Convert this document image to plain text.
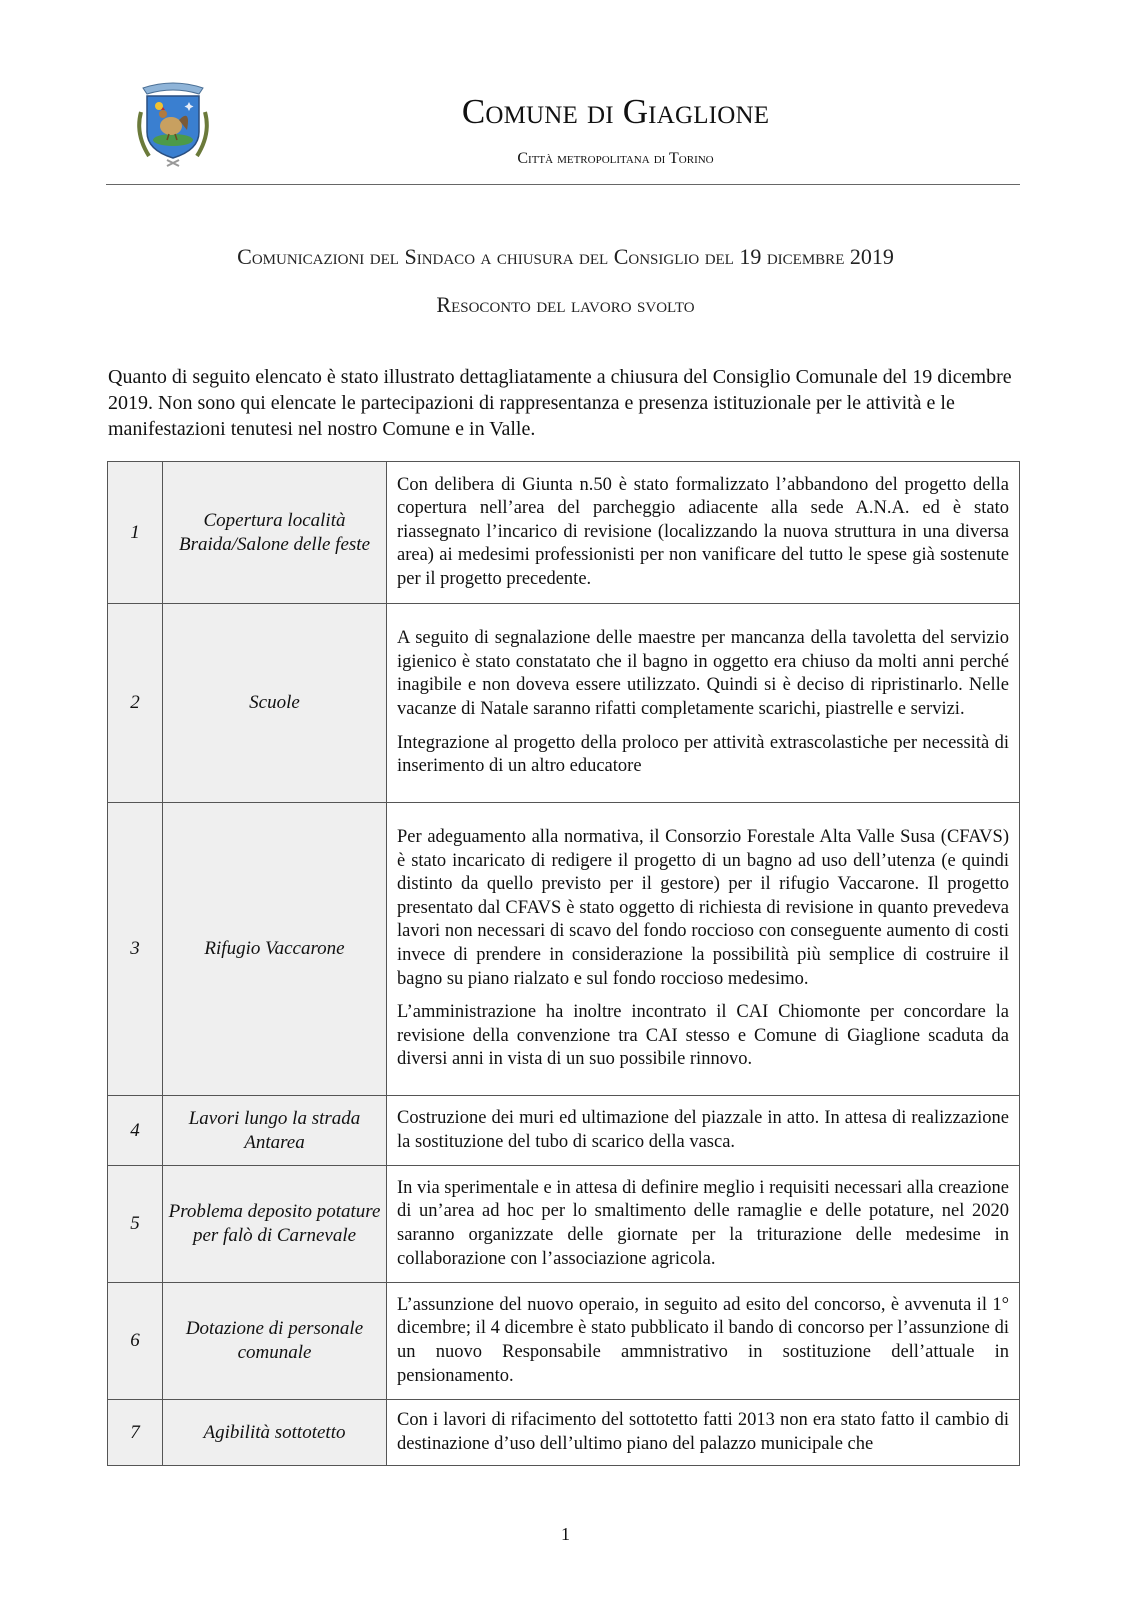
Comune di Giaglione
Città metropolitana di Torino
Comunicazioni del Sindaco a chiusura del Consiglio del 19 dicembre 2019
Resoconto del lavoro svolto
Quanto di seguito elencato è stato illustrato dettagliatamente a chiusura del Consiglio Comunale del 19 dicembre 2019. Non sono qui elencate le partecipazioni di rappresentanza e presenza istituzionale per le attività e le manifestazioni tenutesi nel nostro Comune e in Valle.
1	Copertura località Braida/Salone delle feste	Con delibera di Giunta n.50 è stato formalizzato l’abbandono del progetto della copertura nell’area del parcheggio adiacente alla sede A.N.A. ed è stato riassegnato l’incarico di revisione (localizzando la nuova struttura in una diversa area) ai medesimi professionisti per non vanificare del tutto le spese già sostenute per il progetto precedente.

2	Scuole	A seguito di segnalazione delle maestre per mancanza della tavoletta del servizio igienico è stato constatato che il bagno in oggetto era chiuso da molti anni perché inagibile e non doveva essere utilizzato. Quindi si è deciso di ripristinarlo. Nelle vacanze di Natale saranno rifatti completamente scarichi, piastrelle e servizi.

Integrazione al progetto della proloco per attività extrascolastiche per necessità di inserimento di un altro educatore

3	Rifugio Vaccarone	Per adeguamento alla normativa, il Consorzio Forestale Alta Valle Susa (CFAVS) è stato incaricato di redigere il progetto di un bagno ad uso dell’utenza (e quindi distinto da quello previsto per il gestore) per il rifugio Vaccarone. Il progetto presentato dal CFAVS è stato oggetto di richiesta di revisione in quanto prevedeva lavori non necessari di scavo del fondo roccioso con conseguente aumento di costi invece di prendere in considerazione la possibilità più semplice di costruire il bagno su piano rialzato e sul fondo roccioso medesimo.

L’amministrazione ha inoltre incontrato il CAI Chiomonte per concordare la revisione della convenzione tra CAI stesso e Comune di Giaglione scaduta da diversi anni in vista di un suo possibile rinnovo.

4	Lavori lungo la strada Antarea	Costruzione dei muri ed ultimazione del piazzale in atto. In attesa di realizzazione la sostituzione del tubo di scarico della vasca.

5	Problema deposito potature per falò di Carnevale	In via sperimentale e in attesa di definire meglio i requisiti necessari alla creazione di un’area ad hoc per lo smaltimento delle ramaglie e delle potature, nel 2020 saranno organizzate delle giornate per la triturazione delle medesime in collaborazione con l’associazione agricola.

6	Dotazione di personale comunale	L’assunzione del nuovo operaio, in seguito ad esito del concorso, è avvenuta il 1° dicembre; il 4 dicembre è stato pubblicato il bando di concorso per l’assunzione di un nuovo Responsabile ammnistrativo in sostituzione dell’attuale in pensionamento.

7	Agibilità sottotetto	Con i lavori di rifacimento del sottotetto fatti 2013 non era stato fatto il cambio di destinazione d’uso dell’ultimo piano del palazzo municipale che

1
